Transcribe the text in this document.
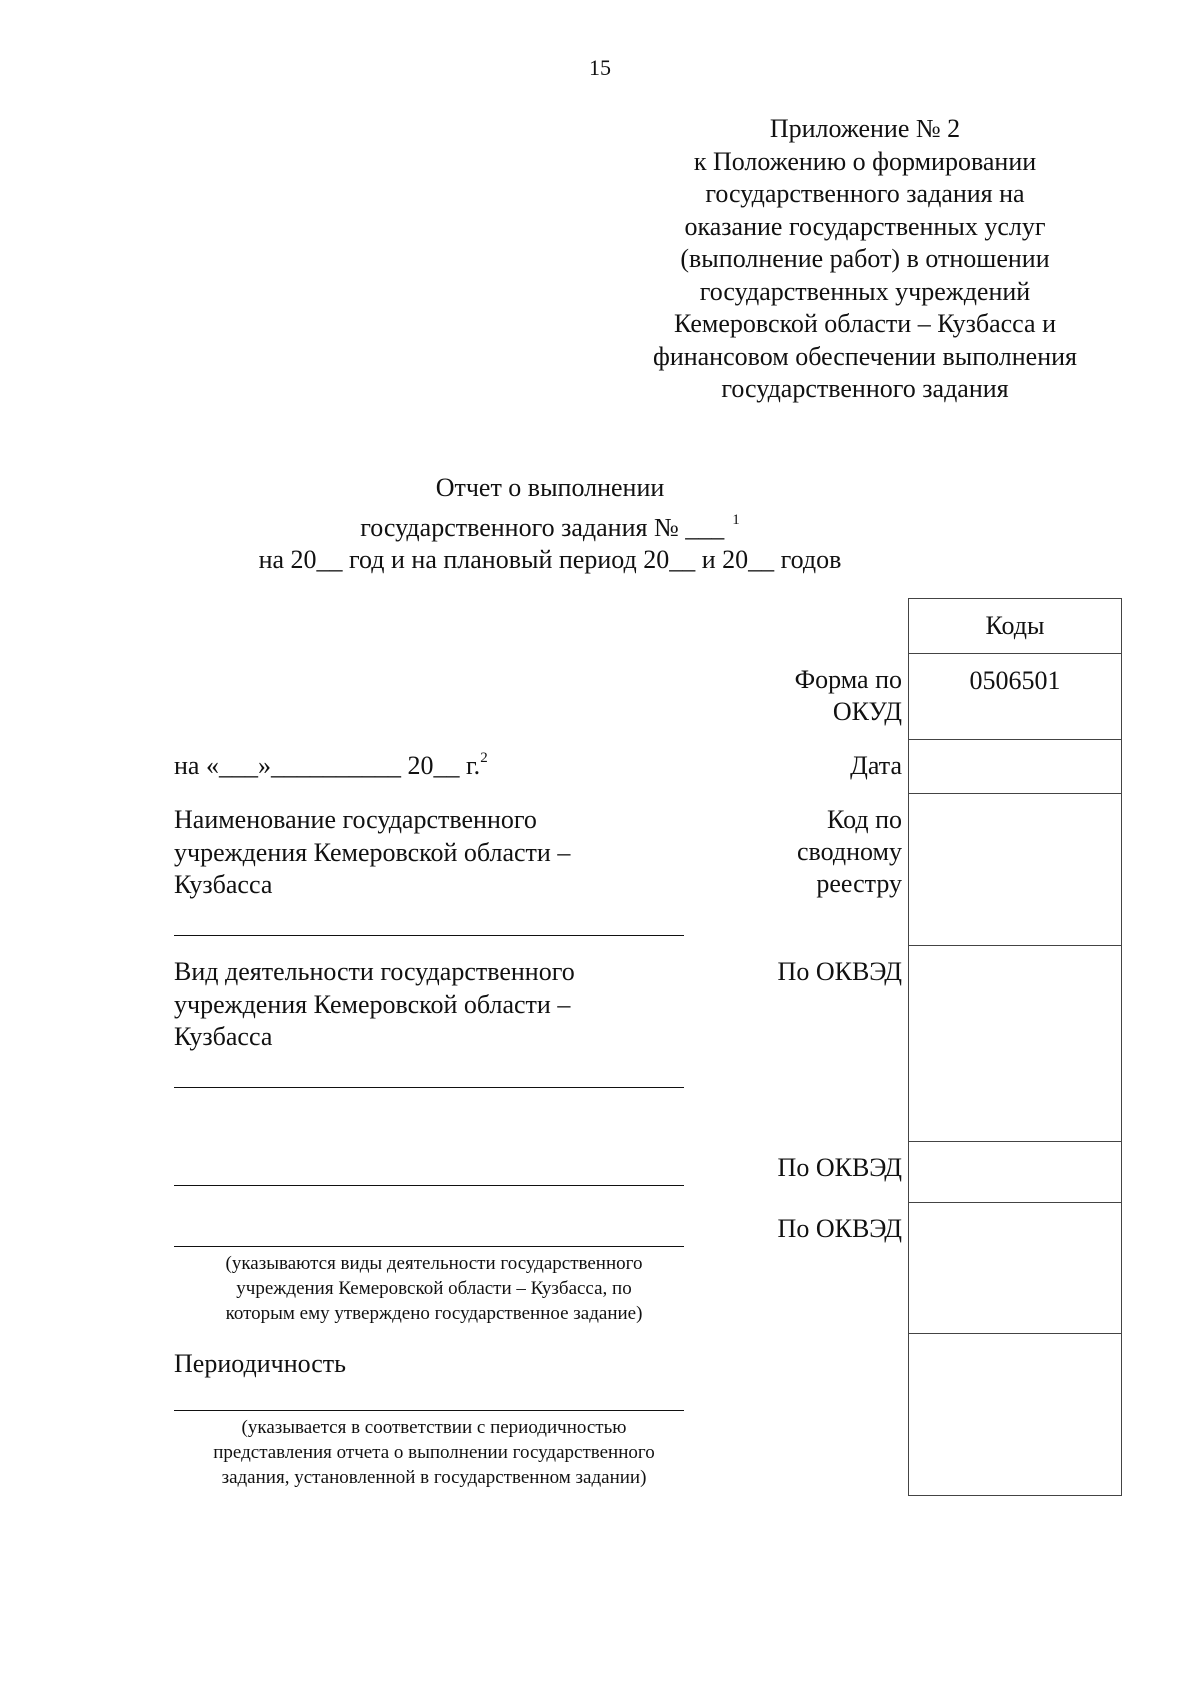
15
Приложение № 2
к Положению о формировании
государственного задания на
оказание государственных услуг
(выполнение работ) в отношении
государственных учреждений
Кемеровской области – Кузбасса и
финансовом обеспечении выполнения
государственного задания
Отчет о выполнении
государственного задания № ___ $^1$
на 20__ год и на плановый период 20__ и 20__ годов
Коды
0506501
Форма по
ОКУД
Дата
Код по
сводному
реестру
По ОКВЭД
По ОКВЭД
По ОКВЭД
на «___»__________ 20__ г.$^2$
Наименование государственного
учреждения Кемеровской области –
Кузбасса
Вид деятельности государственного
учреждения Кемеровской области –
Кузбасса
(указываются виды деятельности государственного
учреждения Кемеровской области – Кузбасса, по
которым ему утверждено государственное задание)
Периодичность
(указывается в соответствии с периодичностью
представления отчета о выполнении государственного
задания, установленной в государственном задании)
